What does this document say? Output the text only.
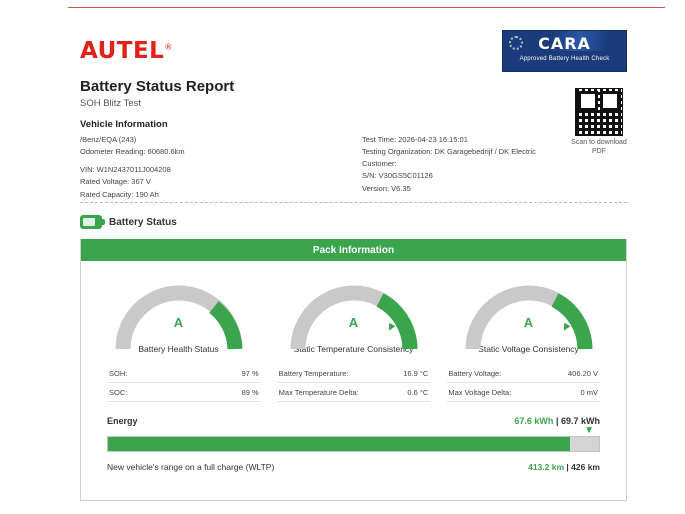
AUTEL®	CARA
Approved Battery Health Check
Battery Status Report
SOH Blitz Test
Scan to download PDF
Vehicle Information
/Benz/EQA (243)
Odometer Reading: 60680.6km
VIN: W1N2437011J004208
Rated Voltage: 367 V
Rated Capacity: 190 Ah
Test Time: 2026-04-23 16:15:01
Testing Organization: DK Garagebedrijf / DK Electric
Customer:
S/N: V30GS5C01126
Version: V6.35
Battery Status
Pack Information
A	▼
Battery Health Status
A	▼
Static Temperature Consistency
A	▼
Static Voltage Consistency
SOH:	97 %
SOC:	89 %
Battery Temperature:	16.9 °C
Max Temperature Delta:	0.6 °C
Battery Voltage:	406.20 V
Max Voltage Delta:	0 mV
Energy	67.6 kWh | 69.7 kWh
▼
New vehicle's range on a full charge (WLTP)	413.2 km | 426 km
